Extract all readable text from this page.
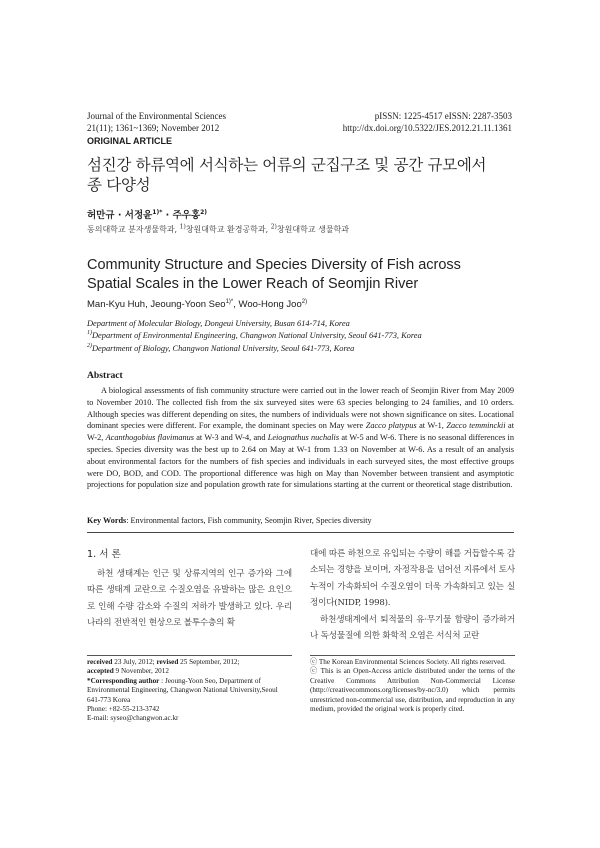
Journal of the Environmental Sciences
21(11); 1361~1369; November 2012
pISSN: 1225-4517 eISSN: 2287-3503
http://dx.doi.org/10.5322/JES.2012.21.11.1361
ORIGINAL ARTICLE
섬진강 하류역에 서식하는 어류의 군집구조 및 공간 규모에서
종 다양성
허만규 · 서정윤$^{1)*}$ · 주우홍$^{2)}$
동의대학교 분자생물학과, $^{1)}$창원대학교 환경공학과, $^{2)}$창원대학교 생물학과
Community Structure and Species Diversity of Fish across
Spatial Scales in the Lower Reach of Seomjin River
Man-Kyu Huh, Jeoung-Yoon Seo$^{1)*}$, Woo-Hong Joo$^{2)}$
Department of Molecular Biology, Dongeui University, Busan 614-714, Korea
$^{1)}$Department of Environmental Engineering, Changwon National University, Seoul 641-773, Korea
$^{2)}$Department of Biology, Changwon National University, Seoul 641-773, Korea
Abstract
A biological assessments of fish community structure were carried out in the lower reach of Seomjin River from May 2009 to November 2010. The collected fish from the six surveyed sites were 63 species belonging to 24 families, and 10 orders. Although species was different depending on sites, the numbers of individuals were not shown significance on sites. Locational dominant species were different. For example, the dominant species on May were Zacco platypus at W-1, Zacco temminckii at W-2, Acanthogobius flavimanus at W-3 and W-4, and Leiognathus nuchalis at W-5 and W-6. There is no seasonal differences in species. Species diversity was the best up to 2.64 on May at W-1 from 1.33 on November at W-6. As a result of an analysis about environmental factors for the numbers of fish species and individuals in each surveyed sites, the most effective groups were DO, BOD, and COD. The proportional difference was high on May than November between transient and asymptotic projections for population size and population growth rate for simulations starting at the current or theoretical stage distribution.
Key Words: Environmental factors, Fish community, Seomjin River, Species diversity
1. 서 론
하천 생태계는 인근 및 상류지역의 인구 증가와 그에 따른 생태계 교란으로 수질오염을 유발하는 많은 요인으로 인해 수량 감소와 수질의 저하가 발생하고 있다. 우리나라의 전반적인 현상으로 볼투수층의 확
대에 따른 하천으로 유입되는 수량이 해를 거듭할수록 감소되는 경향을 보이며, 자정작용을 넘어선 지류에서 토사누적이 가속화되어 수질오염이 더욱 가속화되고 있는 실정이다(NIDP, 1998).
하천생태계에서 퇴적물의 유·무기물 함량이 증가하거나 독성물질에 의한 화학적 오염은 서식처 교란
received 23 July, 2012; revised 25 September, 2012;
accepted 9 November, 2012
*Corresponding author : Jeoung-Yoon Seo, Department of Environmental Engineering, Changwon National University,Seoul 641-773 Korea
Phone: +82-55-213-3742
E-mail: syseo@changwon.ac.kr
ⓒ The Korean Environmental Sciences Society. All rights reserved.
ⓒ This is an Open-Access article distributed under the terms of the Creative Commons Attribution Non-Commercial License (http://creativecommons.org/licenses/by-nc/3.0) which permits unrestricted non-commercial use, distribution, and reproduction in any medium, provided the original work is properly cited.
